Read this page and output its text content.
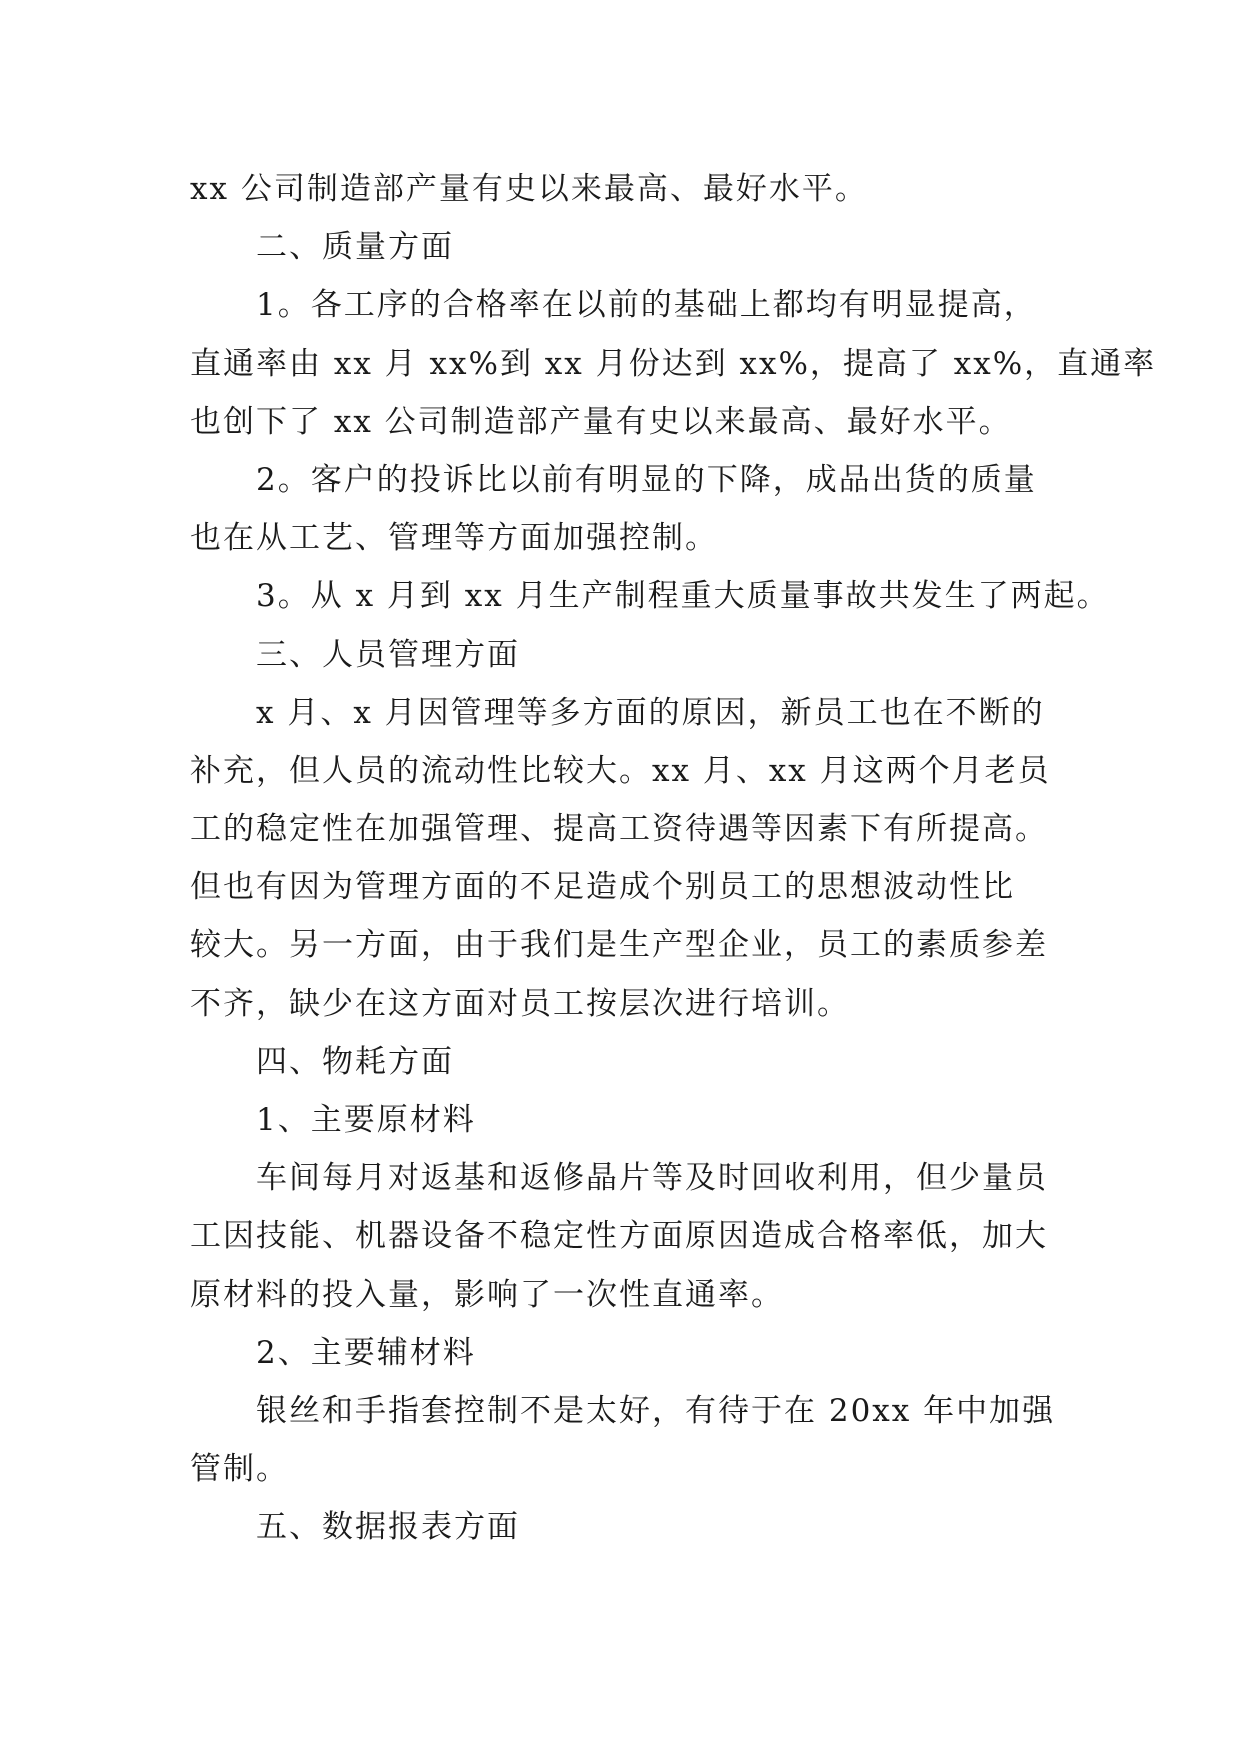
xx 公司制造部产量有史以来最高、最好水平。
二、质量方面
1。各工序的合格率在以前的基础上都均有明显提高，
直通率由 xx 月 xx%到 xx 月份达到 xx%，提高了 xx%，直通率
也创下了 xx 公司制造部产量有史以来最高、最好水平。
2。客户的投诉比以前有明显的下降，成品出货的质量
也在从工艺、管理等方面加强控制。
3。从 x 月到 xx 月生产制程重大质量事故共发生了两起。
三、人员管理方面
x 月、x 月因管理等多方面的原因，新员工也在不断的
补充，但人员的流动性比较大。xx 月、xx 月这两个月老员
工的稳定性在加强管理、提高工资待遇等因素下有所提高。
但也有因为管理方面的不足造成个别员工的思想波动性比
较大。另一方面，由于我们是生产型企业，员工的素质参差
不齐，缺少在这方面对员工按层次进行培训。
四、物耗方面
1、主要原材料
车间每月对返基和返修晶片等及时回收利用，但少量员
工因技能、机器设备不稳定性方面原因造成合格率低，加大
原材料的投入量，影响了一次性直通率。
2、主要辅材料
银丝和手指套控制不是太好，有待于在 20xx 年中加强
管制。
五、数据报表方面
